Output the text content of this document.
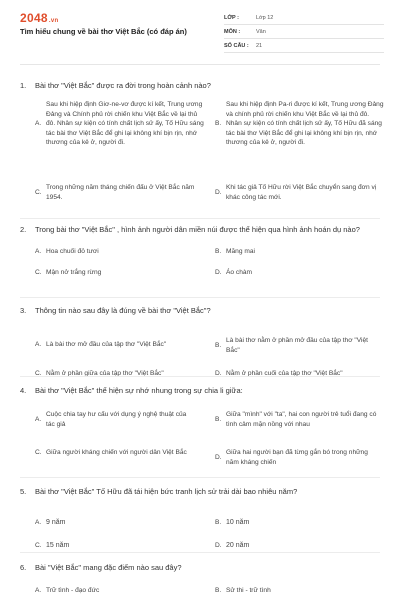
2048.vn
Tìm hiểu chung về bài thơ Việt Bắc (có đáp án)
LỚP :	Lớp 12
MÔN :	Văn
SỐ CÂU :	21
1.	Bài thơ "Việt Bắc" được ra đời trong hoàn cảnh nào?
A.
Sau khi hiệp định Giơ-ne-vơ được kí kết, Trung ương Đảng và Chính phủ rời chiến khu Việt Bắc về lại thủ đô. Nhân sự kiện có tính chất lịch sử ấy, Tố Hữu sáng tác bài thơ Việt Bắc để ghi lại không khí bịn rịn, nhớ thương của kẻ ở, người đi.
B.
Sau khi hiệp định Pa-ri được kí kết, Trung ương Đảng và chính phủ rời chiến khu Việt Bắc về lại thủ đô. Nhân sự kiện có tính chất lịch sử ấy, Tố Hữu đã sáng tác bài thơ Việt Bắc để ghi lại không khí bịn rịn, nhớ thương của kẻ ở, người đi.
C.
Trong những năm tháng chiến đấu ở Việt Bắc năm 1954.
D.
Khi tác giả Tố Hữu rời Việt Bắc chuyển sang đơn vị khác công tác mới.
2.	Trong bài thơ "Việt Bắc" , hình ảnh người dân miền núi được thể hiện qua hình ảnh hoán dụ nào?
A. Hoa chuối đỏ tươi	B. Măng mai
C. Mận nở trắng rừng	D. Áo chàm
3.	Thông tin nào sau đây là đúng về bài thơ "Việt Bắc"?
A. Là bài thơ mở đầu của tập thơ "Việt Bắc"	B.
Là bài thơ nằm ở phần mở đầu của tập thơ "Việt Bắc"
C. Nằm ở phần giữa của tập thơ "Việt Bắc"	D. Nằm ở phần cuối của tập thơ "Việt Bắc"
4.	Bài thơ "Việt Bắc" thể hiện sự nhớ nhung trong sự chia li giữa:
A.
Cuộc chia tay hư cấu với dụng ý nghệ thuật của tác giả
B.
Giữa "mình" với "ta", hai con người trẻ tuổi đang có tình cảm mặn nồng với nhau
C. Giữa người kháng chiến với người dân Việt Bắc
D.
Giữa hai người bạn đã từng gắn bó trong những năm kháng chiến
5.	Bài thơ "Việt Bắc" Tố Hữu đã tái hiện bức tranh lịch sử trải dài bao nhiêu năm?
A. 9 năm	B. 10 năm
C. 15 năm	D. 20 năm
6.	Bài "Việt Bắc" mang đặc điểm nào sau đây?
A. Trữ tình - đạo đức	B. Sử thi - trữ tình
